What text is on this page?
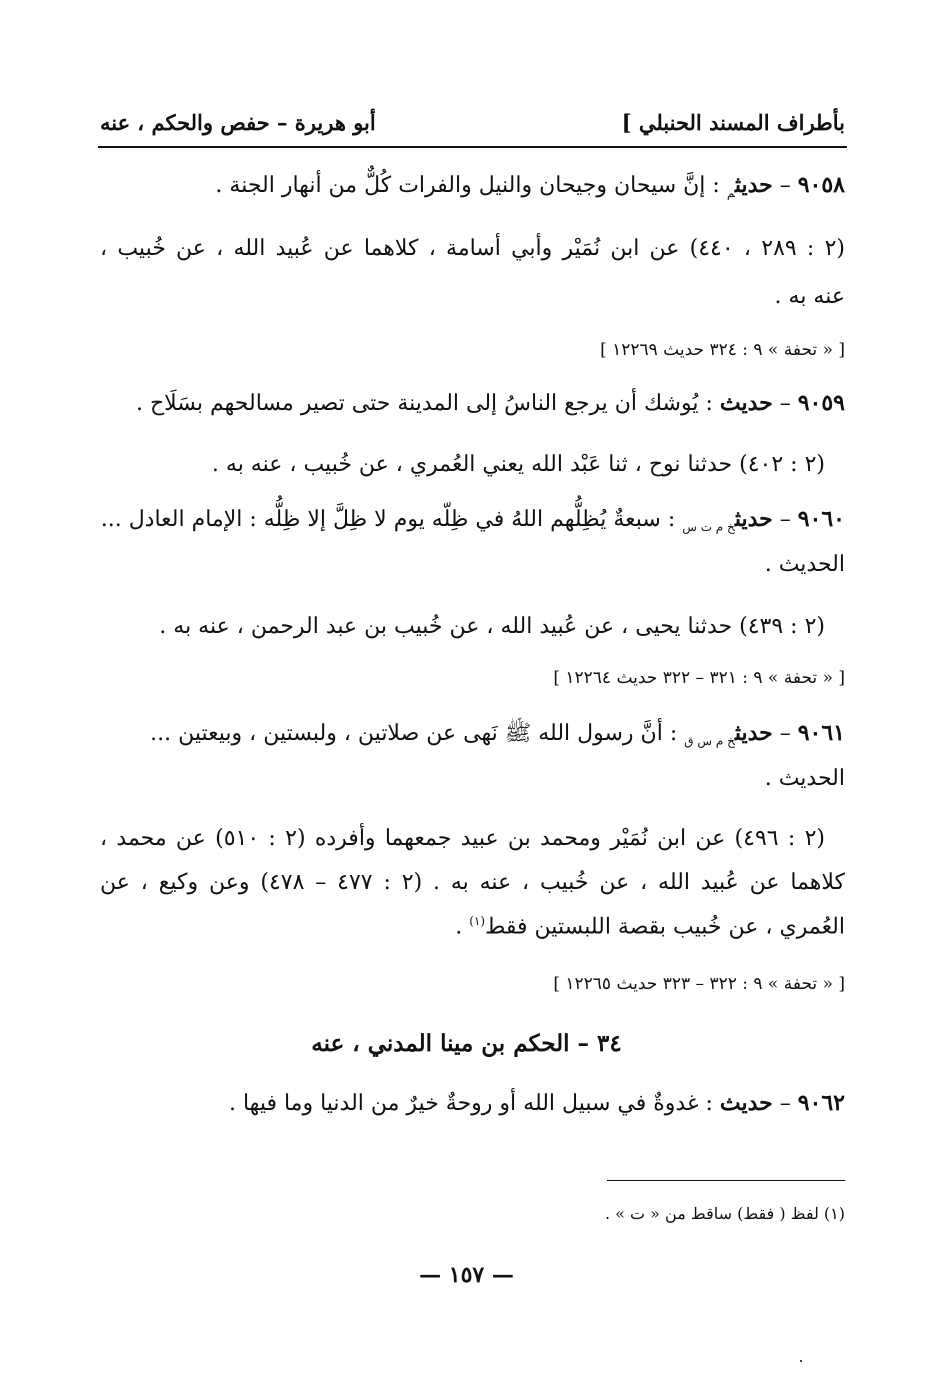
بأطراف المسند الحنبلي ]
أبو هريرة – حفص والحكم ، عنه
٩٠٥٨ – حديث$_م$ : إنَّ سيحان وجيحان والنيل والفرات كُلٌّ من أنهار الجنة .
(٢ : ٢٨٩ ، ٤٤٠) عن ابن نُمَيْر وأبي أسامة ، كلاهما عن عُبيد الله ، عن خُبيب ،
عنه به .
[ « تحفة » ٩ : ٣٢٤ حديث ١٢٢٦٩ ]
٩٠٥٩ – حديث : يُوشك أن يرجع الناسُ إلى المدينة حتى تصير مسالحهم بسَلَاح .
(٢ : ٤٠٢) حدثنا نوح ، ثنا عَبْد الله يعني العُمري ، عن خُبيب ، عنه به .
٩٠٦٠ – حديث$_{خ م ت س}$ : سبعةٌ يُظِلُّهم اللهُ في ظِلّه يوم لا ظِلَّ إلا ظِلُّه : الإمام العادل ...
الحديث .
(٢ : ٤٣٩) حدثنا يحيى ، عن عُبيد الله ، عن خُبيب بن عبد الرحمن ، عنه به .
[ « تحفة » ٩ : ٣٢١ – ٣٢٢ حديث ١٢٢٦٤ ]
٩٠٦١ – حديث$_{خ م س ق}$ : أنَّ رسول الله ﷺ نَهى عن صلاتين ، ولبستين ، وبيعتين ...
الحديث .
(٢ : ٤٩٦) عن ابن نُمَيْر ومحمد بن عبيد جمعهما وأفرده (٢ : ٥١٠) عن محمد ،
كلاهما عن عُبيد الله ، عن خُبيب ، عنه به . (٢ : ٤٧٧ – ٤٧٨) وعن وكيع ، عن
العُمري ، عن خُبيب بقصة اللبستين فقط$^{(١)}$ .
[ « تحفة » ٩ : ٣٢٢ – ٣٢٣ حديث ١٢٢٦٥ ]
٣٤ – الحكم بن مينا المدني ، عنه
٩٠٦٢ – حديث : غدوةٌ في سبيل الله أو روحةٌ خيرٌ من الدنيا وما فيها .
(١) لفظ ( فقط) ساقط من « ت » .
— ١٥٧ —
